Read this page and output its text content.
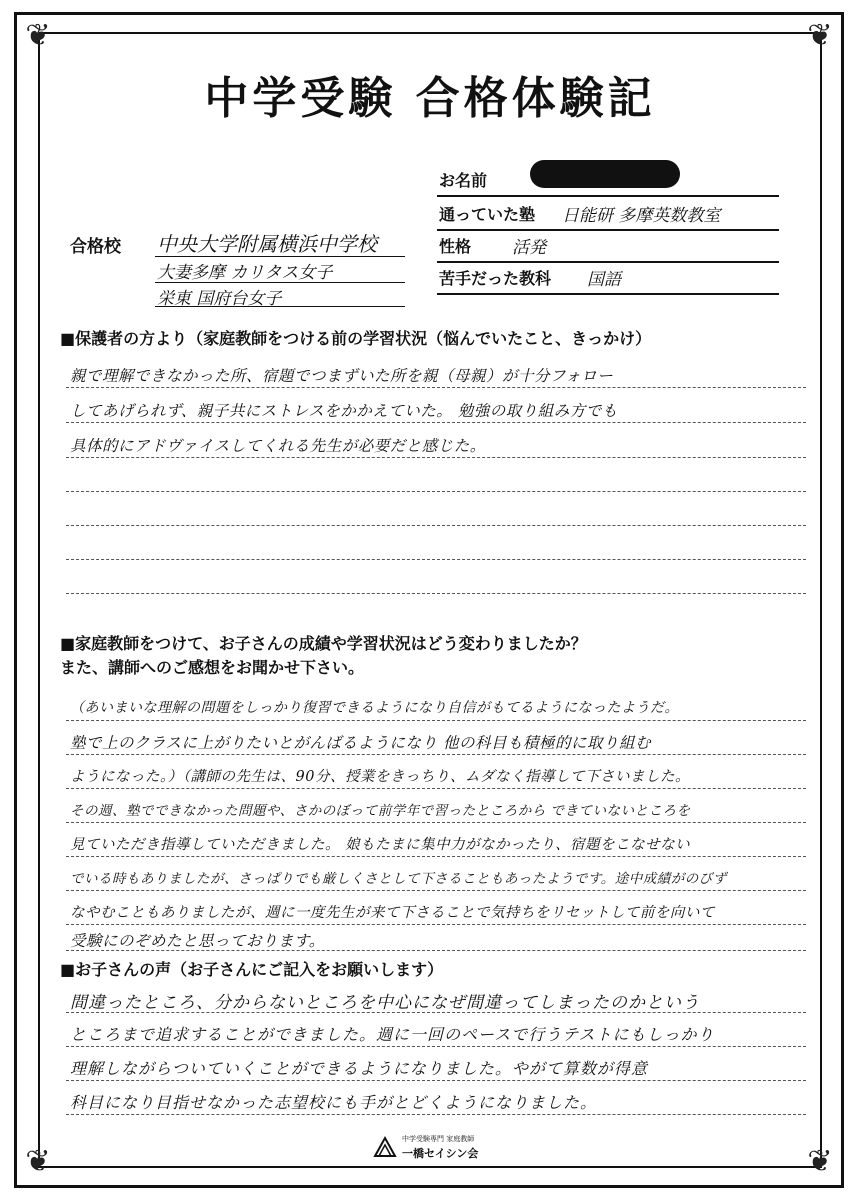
❦	❦
❦	❦
中学受験 合格体験記
お名前
通っていた塾 日能研 多摩英数教室
性格 活発
苦手だった教科 国語
合格校 中央大学附属横浜中学校
大妻多摩 カリタス女子
栄東 国府台女子
■保護者の方より（家庭教師をつける前の学習状況（悩んでいたこと、きっかけ）
親で理解できなかった所、宿題でつまずいた所を親（母親）が十分フォロー
してあげられず、親子共にストレスをかかえていた。 勉強の取り組み方でも
具体的にアドヴァイスしてくれる先生が必要だと感じた。
■家庭教師をつけて、お子さんの成績や学習状況はどう変わりましたか？
また、講師へのご感想をお聞かせ下さい。
（あいまいな理解の問題をしっかり復習できるようになり自信がもてるようになったようだ。
塾で上のクラスに上がりたいとがんばるようになり 他の科目も積極的に取り組む
ようになった。）（講師の先生は、90分、授業をきっちり、ムダなく指導して下さいました。
その週、塾でできなかった問題や、さかのぼって前学年で習ったところから できていないところを
見ていただき指導していただきました。 娘もたまに集中力がなかったり、宿題をこなせない
でいる時もありましたが、さっぱりでも厳しくさとして下さることもあったようです。途中成績がのびず
なやむこともありましたが、週に一度先生が来て下さることで気持ちをリセットして前を向いて
受験にのぞめたと思っております。
■お子さんの声（お子さんにご記入をお願いします）
間違ったところ、分からないところを中心になぜ間違ってしまったのかという
ところまで追求することができました。週に一回のペースで行うテストにもしっかり
理解しながらついていくことができるようになりました。やがて算数が得意
科目になり目指せなかった志望校にも手がとどくようになりました。
中学受験専門 家庭教師
一橋セイシン会
